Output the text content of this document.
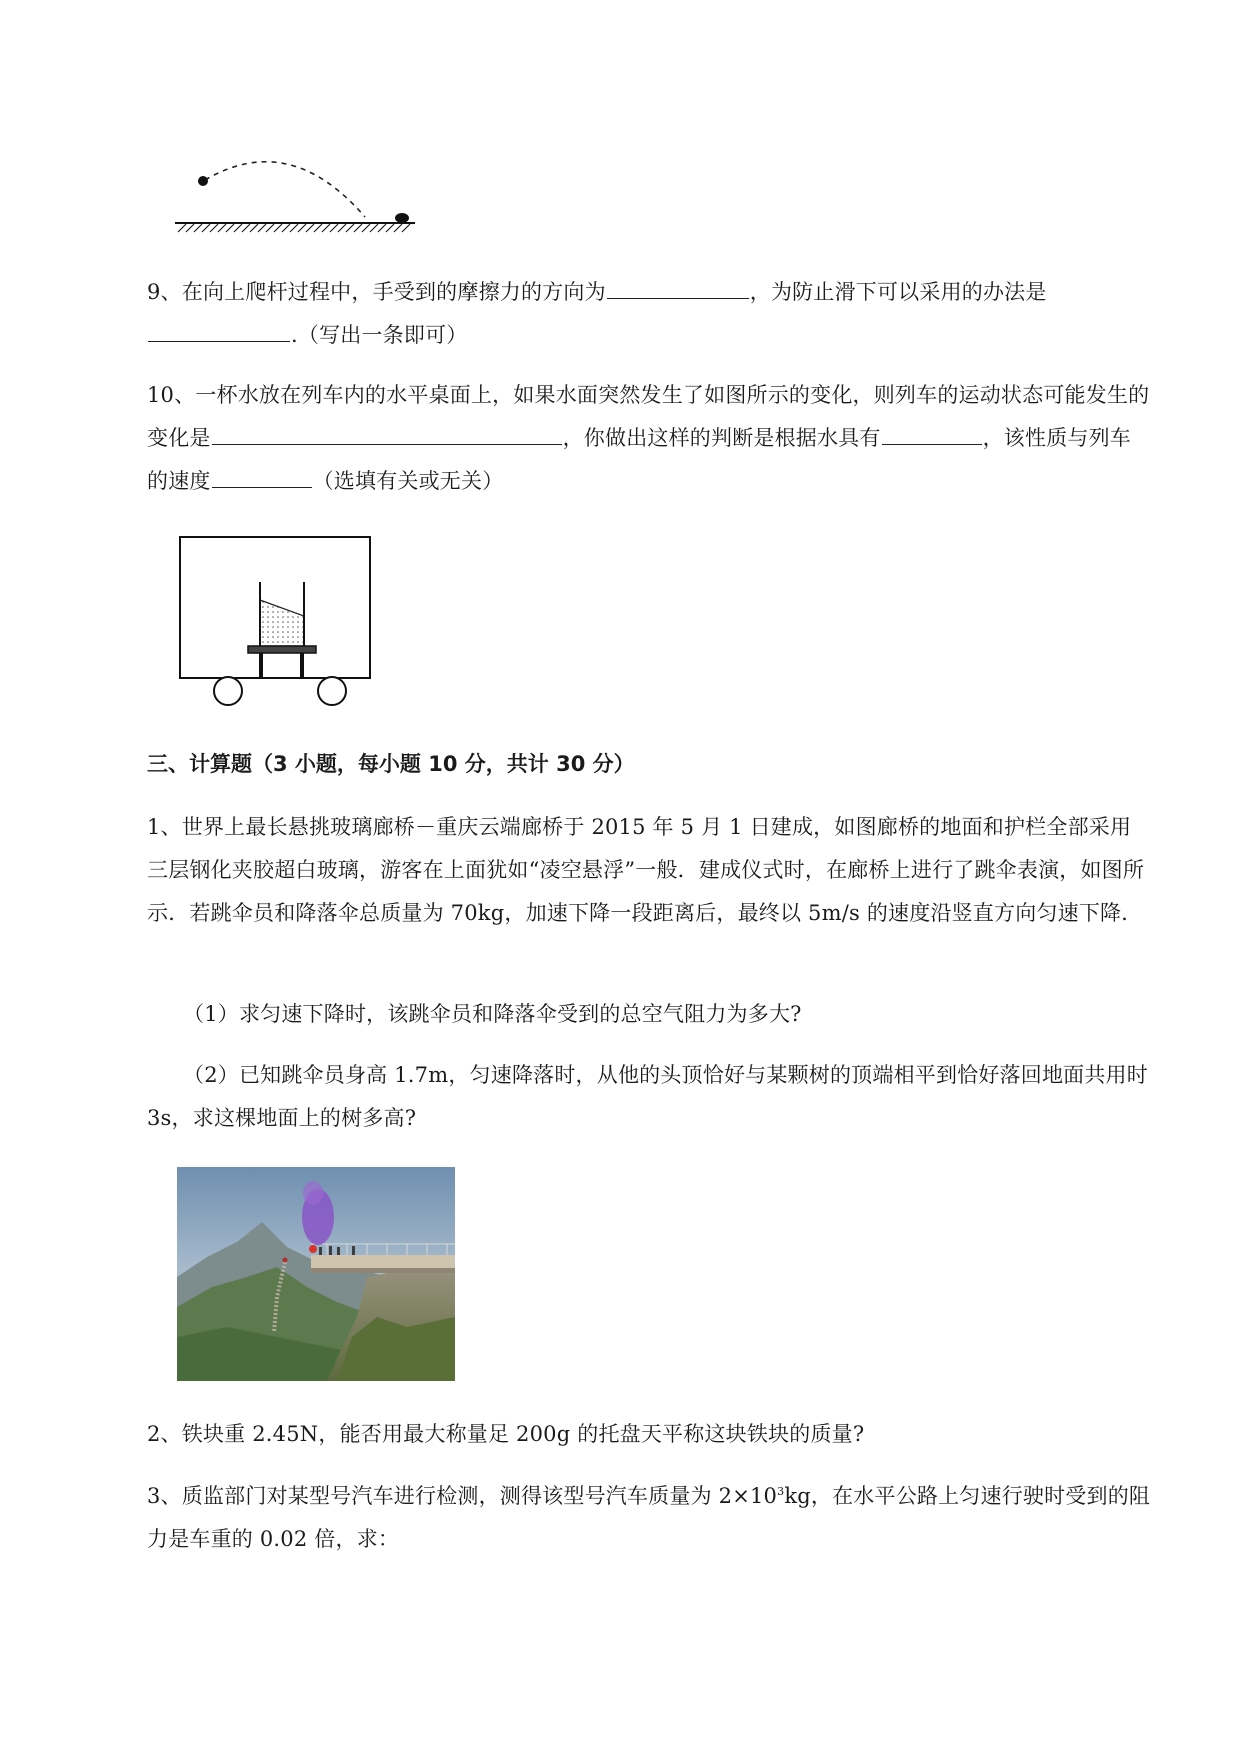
9、在向上爬杆过程中，手受到的摩擦力的方向为	，为防止滑下可以采用的办法是.（写出一条即可）

10、一杯水放在列车内的水平桌面上，如果水面突然发生了如图所示的变化，则列车的运动状态可能发生的变化是	，你做出这样的判断是根据水具有	，该性质与列车的速度	（选填有关或无关）

三、计算题（3 小题，每小题 10 分，共计 30 分）

1、世界上最长悬挑玻璃廊桥－重庆云端廊桥于 2015 年 5 月 1 日建成，如图廊桥的地面和护栏全部采用三层钢化夹胶超白玻璃，游客在上面犹如“凌空悬浮”一般．建成仪式时，在廊桥上进行了跳伞表演，如图所示．若跳伞员和降落伞总质量为 70kg，加速下降一段距离后，最终以 5m/s 的速度沿竖直方向匀速下降．

（1）求匀速下降时，该跳伞员和降落伞受到的总空气阻力为多大?

（2）已知跳伞员身高 1.7m，匀速降落时，从他的头顶恰好与某颗树的顶端相平到恰好落回地面共用时 3s，求这棵地面上的树多高?

2、铁块重 2.45N，能否用最大称量足 200g 的托盘天平称这块铁块的质量?

3、质监部门对某型号汽车进行检测，测得该型号汽车质量为 $2\times 10^3kg$，在水平公路上匀速行驶时受到的阻力是车重的 0.02 倍，求：
